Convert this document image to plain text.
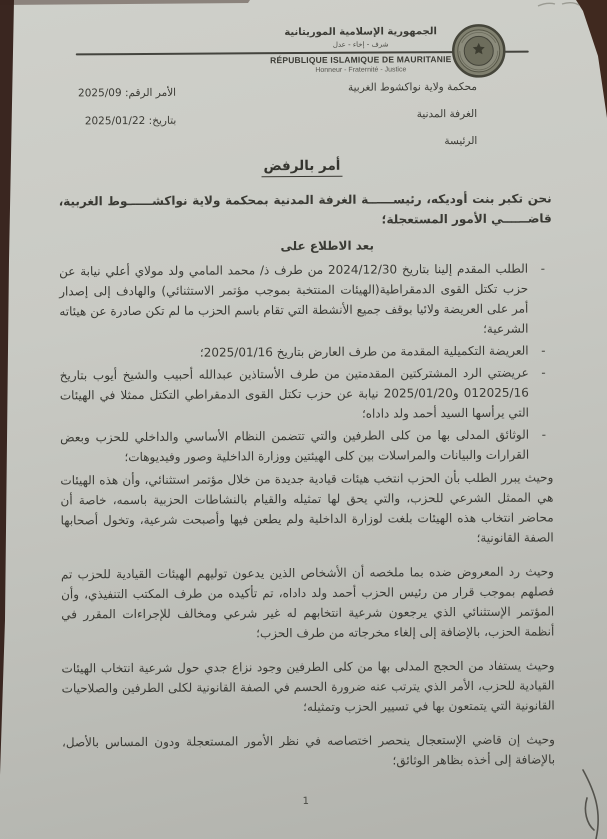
الجمهورية الإسلامية الموريتانية
شرف - إخاء - عدل
RÉPUBLIQUE ISLAMIQUE DE MAURITANIE
Honneur - Fraternité - Justice
محكمة ولاية نواكشوط الغربية
الغرفة المدنية
الرئيسة
الأمر الرقم: 2025/09
بتاريخ: 2025/01/22
أمر بالرفض

نحن تكبر بنت أوديكه، رئيســــــة الغرفة المدنية بمحكمة ولاية نواكشــــــوط الغربية، قاضــــــي الأمور المستعجلة؛

بعد الاطلاع على
- الطلب المقدم إلينا بتاريخ 2024/12/30 من طرف ذ/ محمد المامي ولد مولاي أعلي نيابة عن حزب تكتل القوى الدمقراطية(الهيئات المنتخبة بموجب مؤتمر الاستثنائي) والهادف إلى إصدار أمر على العريضة ولائيا بوقف جميع الأنشطة التي تقام باسم الحزب ما لم تكن صادرة عن هيئاته الشرعية؛
- العريضة التكميلية المقدمة من طرف العارض بتاريخ 2025/01/16؛
- عريضتي الرد المشتركتين المقدمتين من طرف الأستاذين عبدالله أحبيب والشيخ أيوب بتاريخ 012025/16 و2025/01/20 نيابة عن حزب تكتل القوى الدمقراطي التكتل ممثلا في الهيئات التي يرأسها السيد أحمد ولد داداه؛
- الوثائق المدلى بها من كلى الطرفين والتي تتضمن النظام الأساسي والداخلي للحزب وبعض القرارات والبيانات والمراسلات بين كلى الهيئتين ووزارة الداخلية وصور وفيديوهات؛

وحيث يبرر الطلب بأن الحزب انتخب هيئات قيادية جديدة من خلال مؤتمر استثنائي، وأن هذه الهيئات هي الممثل الشرعي للحزب، والتي يحق لها تمثيله والقيام بالنشاطات الحزبية باسمه، خاصة أن محاضر انتخاب هذه الهيئات بلغت لوزارة الداخلية ولم يطعن فيها وأصبحت شرعية، وتخول أصحابها الصفة القانونية؛

وحيث رد المعروض ضده بما ملخصه أن الأشخاص الذين يدعون توليهم الهيئات القيادية للحزب تم فصلهم بموجب قرار من رئيس الحزب أحمد ولد داداه، تم تأكيده من طرف المكتب التنفيذي، وأن المؤتمر الإستثنائي الذي يرجعون شرعية انتخابهم له غير شرعي ومخالف للإجراءات المقرر في أنظمة الحزب، بالإضافة إلى إلغاء مخرجاته من طرف الحزب؛

وحيث يستفاد من الحجج المدلى بها من كلى الطرفين وجود نزاع جدي حول شرعية انتخاب الهيئات القيادية للحزب، الأمر الذي يترتب عنه ضرورة الحسم في الصفة القانونية لكلى الطرفين والصلاحيات القانونية التي يتمتعون بها في تسيير الحزب وتمثيله؛

وحيث إن قاضي الإستعجال ينحصر اختصاصه في نظر الأمور المستعجلة ودون المساس بالأصل، بالإضافة إلى أخذه بظاهر الوثائق؛

1
